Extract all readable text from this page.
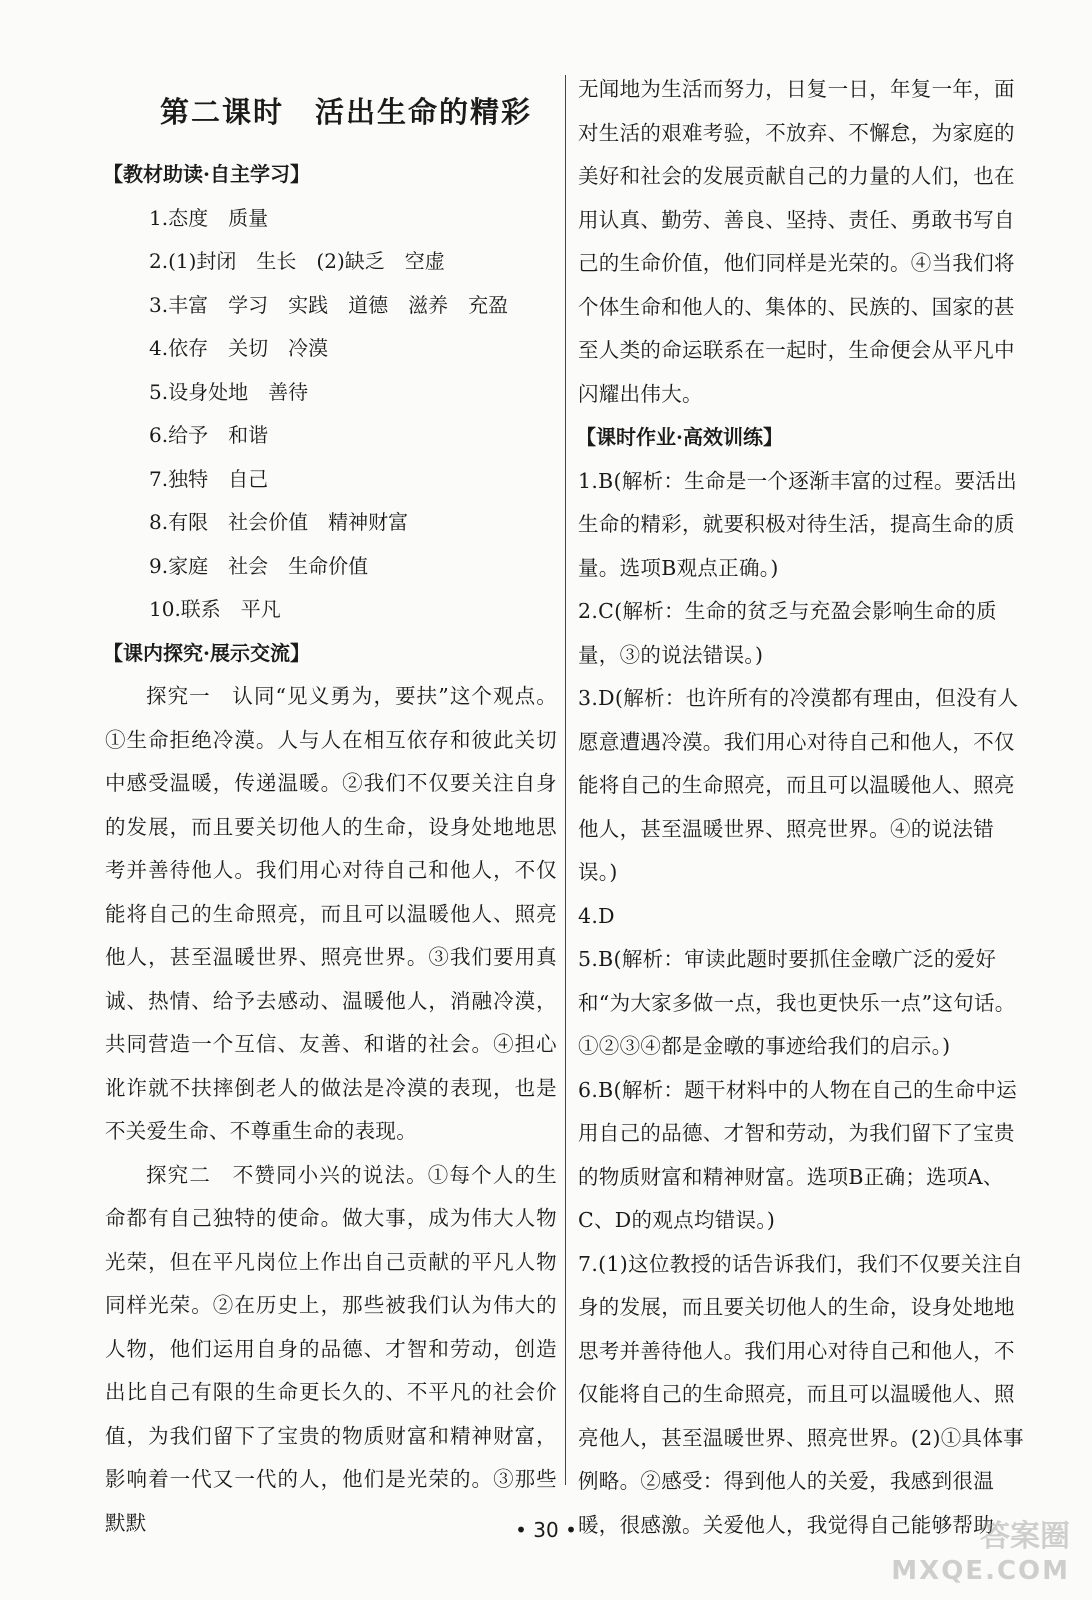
第二课时　活出生命的精彩
【教材助读·自主学习】
1.态度　质量
2.(1)封闭　生长　(2)缺乏　空虚
3.丰富　学习　实践　道德　滋养　充盈
4.依存　关切　冷漠
5.设身处地　善待
6.给予　和谐
7.独特　自己
8.有限　社会价值　精神财富
9.家庭　社会　生命价值
10.联系　平凡
【课内探究·展示交流】
探究一　认同“见义勇为，要扶”这个观点。①生命拒绝冷漠。人与人在相互依存和彼此关切中感受温暖，传递温暖。②我们不仅要关注自身的发展，而且要关切他人的生命，设身处地地思考并善待他人。我们用心对待自己和他人，不仅能将自己的生命照亮，而且可以温暖他人、照亮他人，甚至温暖世界、照亮世界。③我们要用真诚、热情、给予去感动、温暖他人，消融冷漠，共同营造一个互信、友善、和谐的社会。④担心讹诈就不扶摔倒老人的做法是冷漠的表现，也是不关爱生命、不尊重生命的表现。
探究二　不赞同小兴的说法。①每个人的生命都有自己独特的使命。做大事，成为伟大人物光荣，但在平凡岗位上作出自己贡献的平凡人物同样光荣。②在历史上，那些被我们认为伟大的人物，他们运用自身的品德、才智和劳动，创造出比自己有限的生命更长久的、不平凡的社会价值，为我们留下了宝贵的物质财富和精神财富，影响着一代又一代的人，他们是光荣的。③那些默默
无闻地为生活而努力，日复一日，年复一年，面对生活的艰难考验，不放弃、不懈怠，为家庭的美好和社会的发展贡献自己的力量的人们，也在用认真、勤劳、善良、坚持、责任、勇敢书写自己的生命价值，他们同样是光荣的。④当我们将个体生命和他人的、集体的、民族的、国家的甚至人类的命运联系在一起时，生命便会从平凡中闪耀出伟大。
【课时作业·高效训练】
1.B(解析：生命是一个逐渐丰富的过程。要活出生命的精彩，就要积极对待生活，提高生命的质量。选项B观点正确。)
2.C(解析：生命的贫乏与充盈会影响生命的质量，③的说法错误。)
3.D(解析：也许所有的冷漠都有理由，但没有人愿意遭遇冷漠。我们用心对待自己和他人，不仅能将自己的生命照亮，而且可以温暖他人、照亮他人，甚至温暖世界、照亮世界。④的说法错误。)
4.D
5.B(解析：审读此题时要抓住金暾广泛的爱好和“为大家多做一点，我也更快乐一点”这句话。①②③④都是金暾的事迹给我们的启示。)
6.B(解析：题干材料中的人物在自己的生命中运用自己的品德、才智和劳动，为我们留下了宝贵的物质财富和精神财富。选项B正确；选项A、C、D的观点均错误。)
7.(1)这位教授的话告诉我们，我们不仅要关注自身的发展，而且要关切他人的生命，设身处地地思考并善待他人。我们用心对待自己和他人，不仅能将自己的生命照亮，而且可以温暖他人、照亮他人，甚至温暖世界、照亮世界。(2)①具体事例略。②感受：得到他人的关爱，我感到很温暖，很感激。关爱他人，我觉得自己能够帮助
• 30 •	答案圈
MXQE.COM
